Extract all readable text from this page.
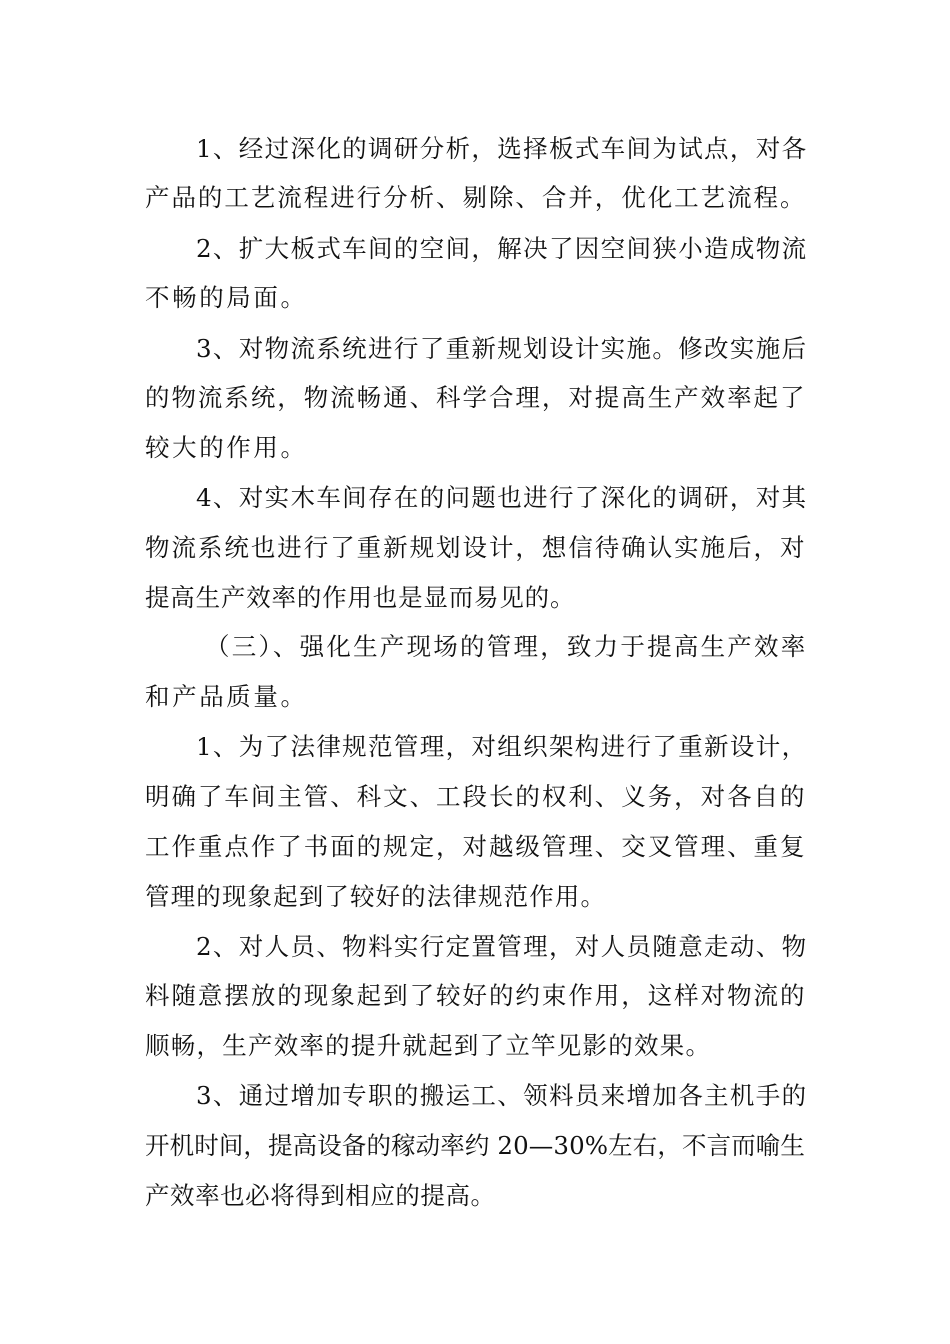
1、经过深化的调研分析，选择板式车间为试点，对各
产品的工艺流程进行分析、剔除、合并，优化工艺流程。
2、扩大板式车间的空间，解决了因空间狭小造成物流
不畅的局面。
3、对物流系统进行了重新规划设计实施。修改实施后
的物流系统，物流畅通、科学合理，对提高生产效率起了
较大的作用。
4、对实木车间存在的问题也进行了深化的调研，对其
物流系统也进行了重新规划设计，想信待确认实施后，对
提高生产效率的作用也是显而易见的。
（三）、强化生产现场的管理，致力于提高生产效率
和产品质量。
1、为了法律规范管理，对组织架构进行了重新设计，
明确了车间主管、科文、工段长的权利、义务，对各自的
工作重点作了书面的规定，对越级管理、交叉管理、重复
管理的现象起到了较好的法律规范作用。
2、对人员、物料实行定置管理，对人员随意走动、物
料随意摆放的现象起到了较好的约束作用，这样对物流的
顺畅，生产效率的提升就起到了立竿见影的效果。
3、通过增加专职的搬运工、领料员来增加各主机手的
开机时间，提高设备的稼动率约 20—30%左右，不言而喻生
产效率也必将得到相应的提高。
